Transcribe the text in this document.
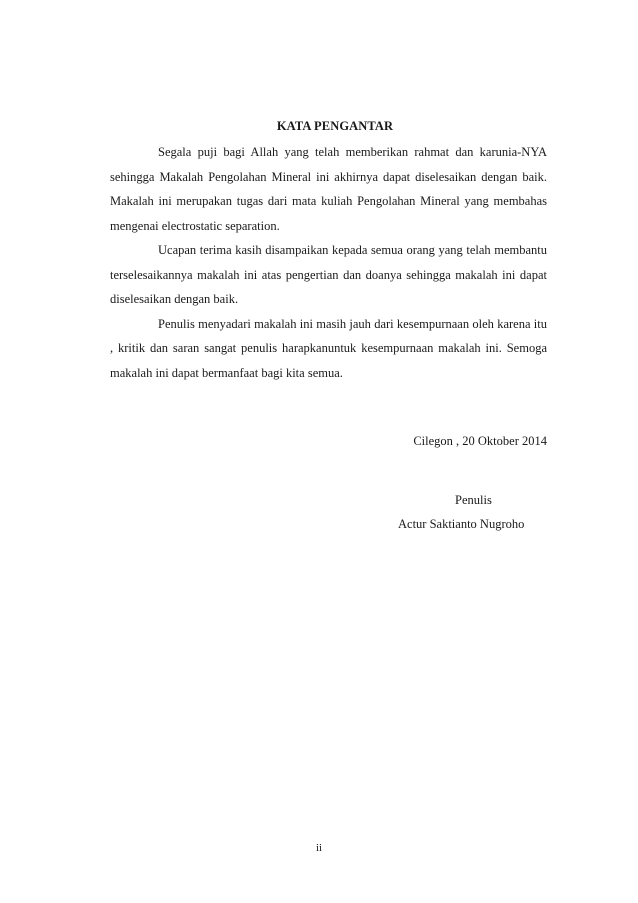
KATA PENGANTAR

Segala puji bagi Allah yang telah memberikan rahmat dan karunia-NYA sehingga Makalah Pengolahan Mineral ini akhirnya dapat diselesaikan dengan baik. Makalah ini merupakan tugas dari mata kuliah Pengolahan Mineral yang membahas mengenai electrostatic separation.

Ucapan terima kasih disampaikan kepada semua orang yang telah membantu terselesaikannya makalah ini atas pengertian dan doanya sehingga makalah ini dapat diselesaikan dengan baik.

Penulis menyadari makalah ini masih jauh dari kesempurnaan oleh karena itu , kritik dan saran sangat penulis harapkanuntuk kesempurnaan makalah ini. Semoga makalah ini dapat bermanfaat bagi kita semua.

Cilegon , 20 Oktober 2014
Penulis
Actur Saktianto Nugroho
ii
